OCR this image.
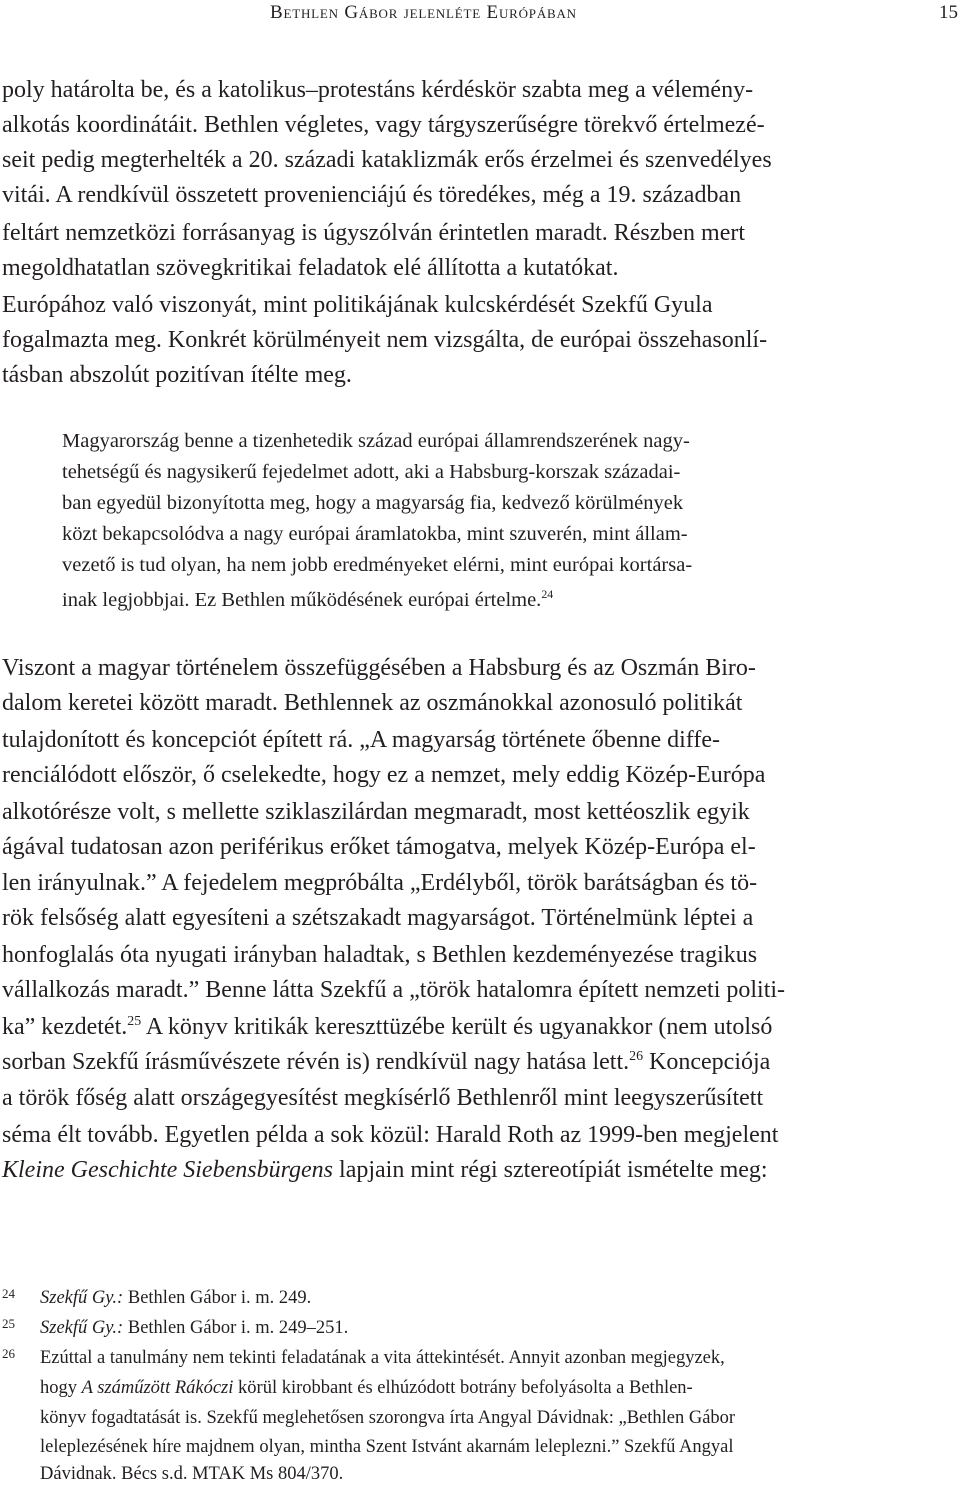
Bethlen Gábor jelenléte Európában	15
poly határolta be, és a katolikus–protestáns kérdéskör szabta meg a vélemény-
alkotás koordinátáit. Bethlen végletes, vagy tárgyszerűségre törekvő értelmezé-
seit pedig megterhelték a 20. századi kataklizmák erős érzelmei és szenvedélyes
vitái. A rendkívül összetett provenienciájú és töredékes, még a 19. században
feltárt nemzetközi forrásanyag is úgyszólván érintetlen maradt. Részben mert
megoldhatatlan szövegkritikai feladatok elé állította a kutatókat.
Európához való viszonyát, mint politikájának kulcskérdését Szekfű Gyula
fogalmazta meg. Konkrét körülményeit nem vizsgálta, de európai összehasonlí-
tásban abszolút pozitívan ítélte meg.
Magyarország benne a tizenhetedik század európai államrendszerének nagy-
tehetségű és nagysikerű fejedelmet adott, aki a Habsburg-korszak századai-
ban egyedül bizonyította meg, hogy a magyarság fia, kedvező körülmények
közt bekapcsolódva a nagy európai áramlatokba, mint szuverén, mint állam-
vezető is tud olyan, ha nem jobb eredményeket elérni, mint európai kortársa-
inak legjobbjai. Ez Bethlen működésének európai értelme.$^{24}$
Viszont a magyar történelem összefüggésében a Habsburg és az Oszmán Biro-
dalom keretei között maradt. Bethlennek az oszmánokkal azonosuló politikát
tulajdonított és koncepciót épített rá. „A magyarság története őbenne diffe-
renciálódott először, ő cselekedte, hogy ez a nemzet, mely eddig Közép-Európa
alkotórésze volt, s mellette sziklaszilárdan megmaradt, most kettéoszlik egyik
ágával tudatosan azon periférikus erőket támogatva, melyek Közép-Európa el-
len irányulnak.” A fejedelem megpróbálta „Erdélyből, török barátságban és tö-
rök felsőség alatt egyesíteni a szétszakadt magyarságot. Történelmünk léptei a
honfoglalás óta nyugati irányban haladtak, s Bethlen kezdeményezése tragikus
vállalkozás maradt.” Benne látta Szekfű a „török hatalomra épített nemzeti politi-
ka” kezdetét.$^{25}$ A könyv kritikák kereszttüzébe került és ugyanakkor (nem utolsó
sorban Szekfű írásművészete révén is) rendkívül nagy hatása lett.$^{26}$ Koncepciója
a török főség alatt országegyesítést megkísérlő Bethlenről mint leegyszerűsített
séma élt tovább. Egyetlen példa a sok közül: Harald Roth az 1999-ben megjelent
Kleine Geschichte Siebensbürgens lapjain mint régi sztereotípiát ismételte meg:
24 Szekfű Gy.: Bethlen Gábor i. m. 249.
25 Szekfű Gy.: Bethlen Gábor i. m. 249–251.
26 Ezúttal a tanulmány nem tekinti feladatának a vita áttekintését. Annyit azonban megjegyzek,
hogy A száműzött Rákóczi körül kirobbant és elhúzódott botrány befolyásolta a Bethlen-
könyv fogadtatását is. Szekfű meglehetősen szorongva írta Angyal Dávidnak: „Bethlen Gábor
leleplezésének híre majdnem olyan, mintha Szent Istvánt akarnám leleplezni.” Szekfű Angyal
Dávidnak. Bécs s.d. MTAK Ms 804/370.
